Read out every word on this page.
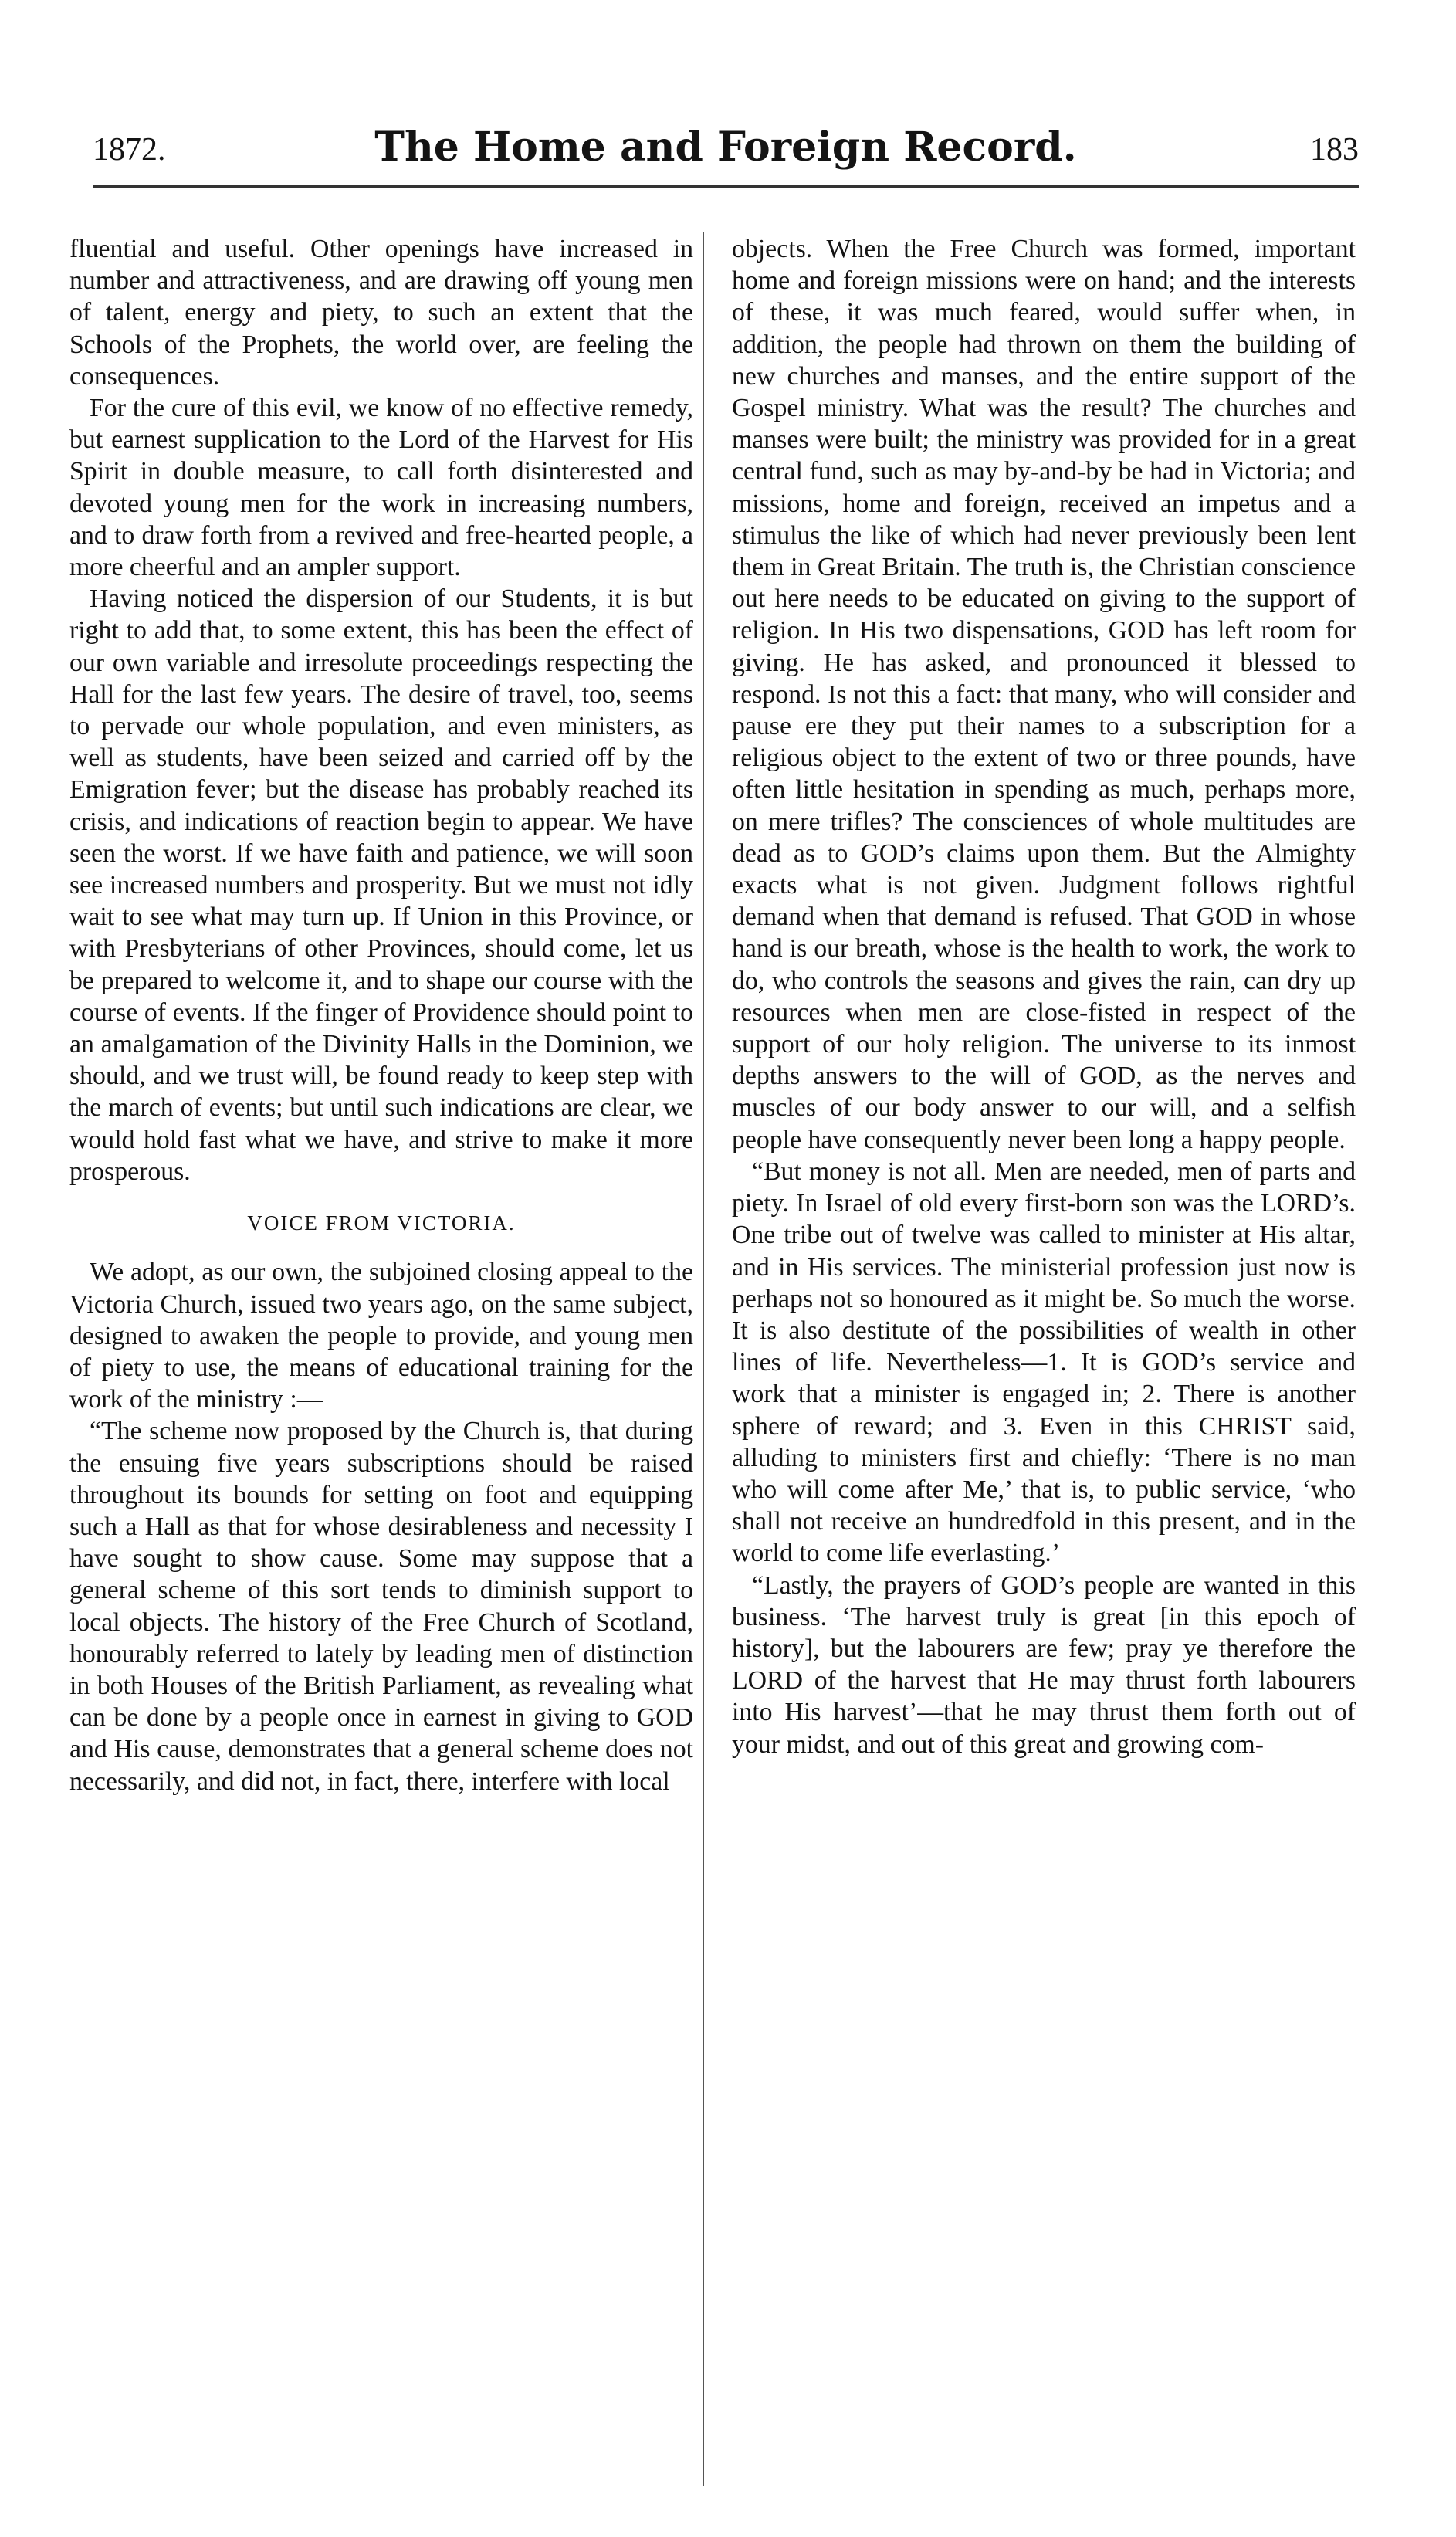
1872.	The Home and Foreign Record.	183

fluential and useful. Other openings have increased in number and attractiveness, and are drawing off young men of talent, energy and piety, to such an extent that the Schools of the Prophets, the world over, are feeling the consequences.

For the cure of this evil, we know of no effective remedy, but earnest supplication to the Lord of the Harvest for His Spirit in double measure, to call forth disinterested and devoted young men for the work in increasing numbers, and to draw forth from a revived and free-hearted people, a more cheerful and an ampler support.

Having noticed the dispersion of our Students, it is but right to add that, to some extent, this has been the effect of our own variable and irresolute proceedings respecting the Hall for the last few years. The desire of travel, too, seems to pervade our whole population, and even ministers, as well as students, have been seized and carried off by the Emigration fever; but the disease has probably reached its crisis, and indications of reaction begin to appear. We have seen the worst. If we have faith and patience, we will soon see increased numbers and prosperity. But we must not idly wait to see what may turn up. If Union in this Province, or with Presbyterians of other Provinces, should come, let us be prepared to welcome it, and to shape our course with the course of events. If the finger of Providence should point to an amalgamation of the Divinity Halls in the Dominion, we should, and we trust will, be found ready to keep step with the march of events; but until such indications are clear, we would hold fast what we have, and strive to make it more prosperous.

VOICE FROM VICTORIA.

We adopt, as our own, the subjoined closing appeal to the Victoria Church, issued two years ago, on the same subject, designed to awaken the people to provide, and young men of piety to use, the means of educational training for the work of the ministry :—

“The scheme now proposed by the Church is, that during the ensuing five years subscriptions should be raised throughout its bounds for setting on foot and equipping such a Hall as that for whose desirableness and necessity I have sought to show cause. Some may suppose that a general scheme of this sort tends to diminish support to local objects. The history of the Free Church of Scotland, honourably referred to lately by leading men of distinction in both Houses of the British Parliament, as revealing what can be done by a people once in earnest in giving to GOD and His cause, demonstrates that a general scheme does not necessarily, and did not, in fact, there, interfere with local

objects. When the Free Church was formed, important home and foreign missions were on hand; and the interests of these, it was much feared, would suffer when, in addition, the people had thrown on them the building of new churches and manses, and the entire support of the Gospel ministry. What was the result? The churches and manses were built; the ministry was provided for in a great central fund, such as may by-and-by be had in Victoria; and missions, home and foreign, received an impetus and a stimulus the like of which had never previously been lent them in Great Britain. The truth is, the Christian conscience out here needs to be educated on giving to the support of religion. In His two dispensations, GOD has left room for giving. He has asked, and pronounced it blessed to respond. Is not this a fact: that many, who will consider and pause ere they put their names to a subscription for a religious object to the extent of two or three pounds, have often little hesitation in spending as much, perhaps more, on mere trifles? The consciences of whole multitudes are dead as to GOD’s claims upon them. But the Almighty exacts what is not given. Judgment follows rightful demand when that demand is refused. That GOD in whose hand is our breath, whose is the health to work, the work to do, who controls the seasons and gives the rain, can dry up resources when men are close-fisted in respect of the support of our holy religion. The universe to its inmost depths answers to the will of GOD, as the nerves and muscles of our body answer to our will, and a selfish people have consequently never been long a happy people.

“But money is not all. Men are needed, men of parts and piety. In Israel of old every first-born son was the LORD’s. One tribe out of twelve was called to minister at His altar, and in His services. The ministerial profession just now is perhaps not so honoured as it might be. So much the worse. It is also destitute of the possibilities of wealth in other lines of life. Nevertheless—1. It is GOD’s service and work that a minister is engaged in; 2. There is another sphere of reward; and 3. Even in this CHRIST said, alluding to ministers first and chiefly: ‘There is no man who will come after Me,’ that is, to public service, ‘who shall not receive an hundredfold in this present, and in the world to come life everlasting.’

“Lastly, the prayers of GOD’s people are wanted in this business. ‘The harvest truly is great [in this epoch of history], but the labourers are few; pray ye therefore the LORD of the harvest that He may thrust forth labourers into His harvest’—that he may thrust them forth out of your midst, and out of this great and growing com-
